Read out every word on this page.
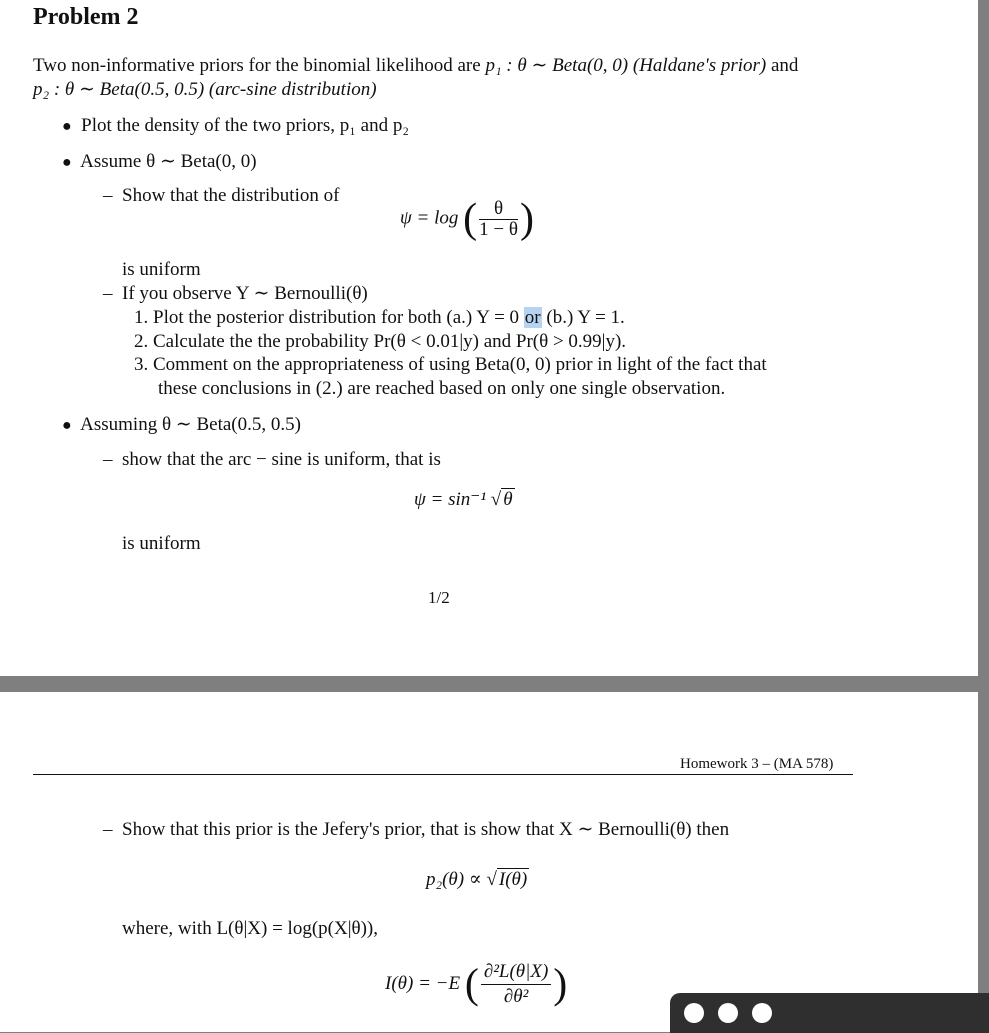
Problem 2
Two non-informative priors for the binomial likelihood are p₁ : θ ∼ Beta(0, 0) (Haldane's prior) and
p₂ : θ ∼ Beta(0.5, 0.5) (arc-sine distribution)
● Plot the density of the two priors, p₁ and p₂
● Assume θ ∼ Beta(0, 0)
–  Show that the distribution of
ψ = log ( $\frac{\theta}{1 - \theta}$ )
is uniform
–  If you observe Y ∼ Bernoulli(θ)
1. Plot the posterior distribution for both (a.) Y = 0 or (b.) Y = 1.
2. Calculate the the probability Pr(θ < 0.01|y) and Pr(θ > 0.99|y).
3. Comment on the appropriateness of using Beta(0, 0) prior in light of the fact that
these conclusions in (2.) are reached based on only one single observation.
● Assuming θ ∼ Beta(0.5, 0.5)
–  show that the arc − sine is uniform, that is
ψ = sin⁻¹ √ θ
is uniform
1/2
Homework 3 – (MA 578)
–  Show that this prior is the Jefery's prior, that is show that X ∼ Bernoulli(θ) then
p₂(θ) ∝ √ I(θ)
where, with L(θ|X) = log(p(X|θ)),
I(θ) = −E ( $\frac{\text{∂²L(θ|X)}}{\text{∂θ²}}$ )
